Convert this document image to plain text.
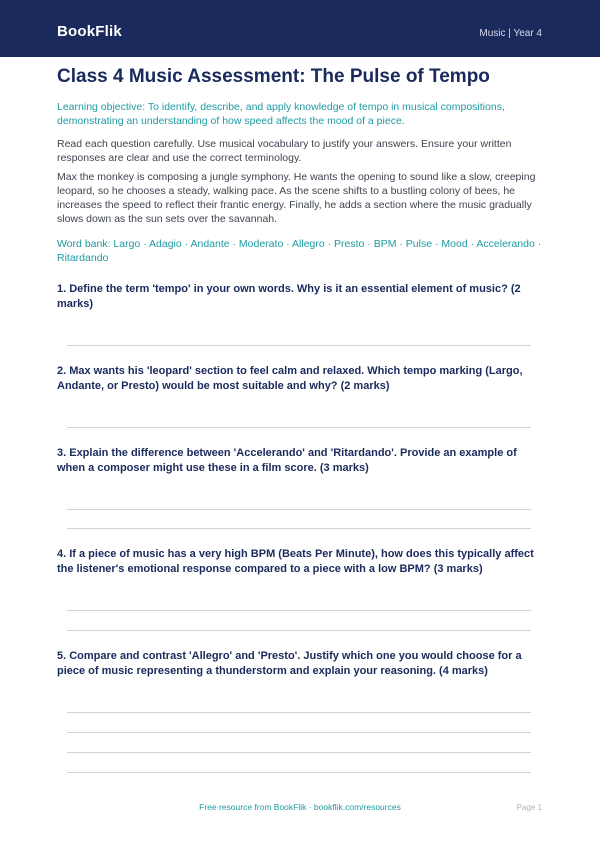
BookFlik	Music | Year 4
Class 4 Music Assessment: The Pulse of Tempo
Learning objective: To identify, describe, and apply knowledge of tempo in musical compositions, demonstrating an understanding of how speed affects the mood of a piece.
Read each question carefully. Use musical vocabulary to justify your answers. Ensure your written responses are clear and use the correct terminology.
Max the monkey is composing a jungle symphony. He wants the opening to sound like a slow, creeping leopard, so he chooses a steady, walking pace. As the scene shifts to a bustling colony of bees, he increases the speed to reflect their frantic energy. Finally, he adds a section where the music gradually slows down as the sun sets over the savannah.
Word bank: Largo · Adagio · Andante · Moderato · Allegro · Presto · BPM · Pulse · Mood · Accelerando · Ritardando
1. Define the term 'tempo' in your own words. Why is it an essential element of music? (2 marks)
2. Max wants his 'leopard' section to feel calm and relaxed. Which tempo marking (Largo, Andante, or Presto) would be most suitable and why? (2 marks)
3. Explain the difference between 'Accelerando' and 'Ritardando'. Provide an example of when a composer might use these in a film score. (3 marks)
4. If a piece of music has a very high BPM (Beats Per Minute), how does this typically affect the listener's emotional response compared to a piece with a low BPM? (3 marks)
5. Compare and contrast 'Allegro' and 'Presto'. Justify which one you would choose for a piece of music representing a thunderstorm and explain your reasoning. (4 marks)
Free resource from BookFlik · bookflik.com/resources	Page 1
